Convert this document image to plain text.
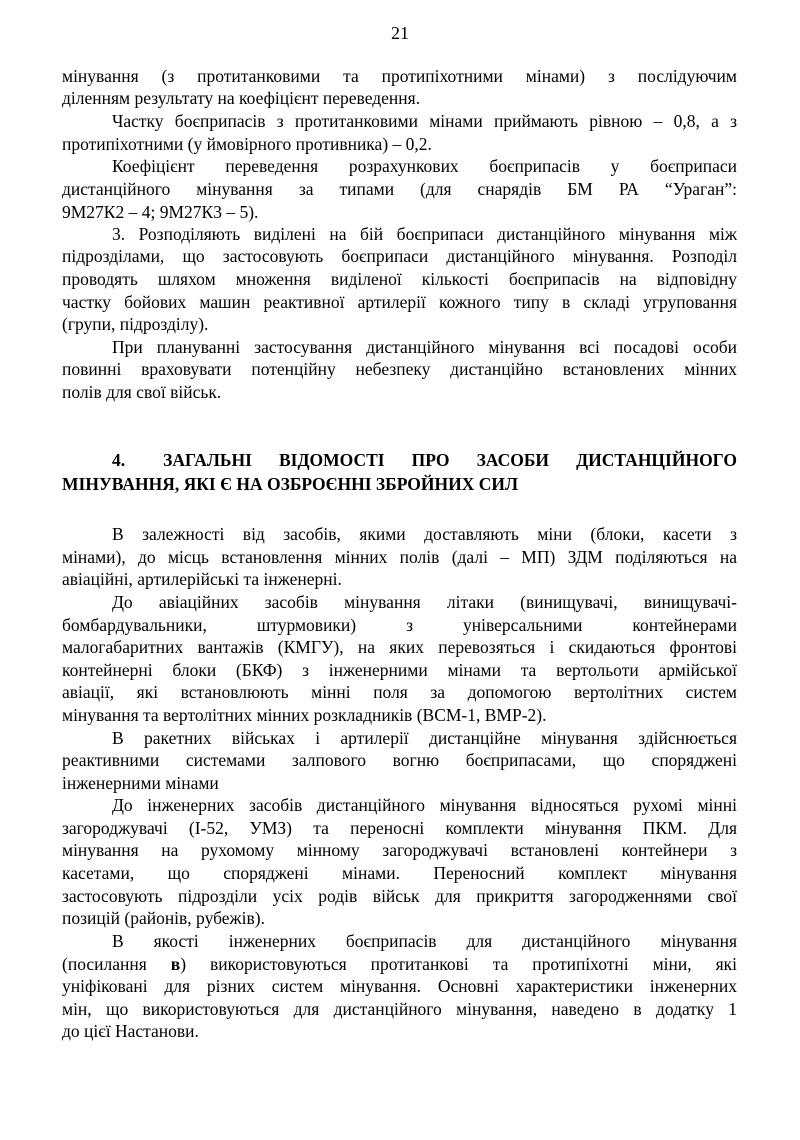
21
мінування (з протитанковими та протипіхотними мінами) з послідуючим
діленням результату на коефіцієнт переведення.
Частку боєприпасів з протитанковими мінами приймають рівною – 0,8, а з
протипіхотними (у ймовірного противника) – 0,2.
Коефіцієнт переведення розрахункових боєприпасів у боєприпаси
дистанційного мінування за типами (для снарядів БМ РА “Ураган”:
9М27К2 – 4; 9М27К3 – 5).
3. Розподіляють виділені на бій боєприпаси дистанційного мінування між
підрозділами, що застосовують боєприпаси дистанційного мінування. Розподіл
проводять шляхом множення виділеної кількості боєприпасів на відповідну
частку бойових машин реактивної артилерії кожного типу в складі угруповання
(групи, підрозділу).
При плануванні застосування дистанційного мінування всі посадові особи
повинні враховувати потенційну небезпеку дистанційно встановлених мінних
полів для свої військ.
4. ЗАГАЛЬНІ ВІДОМОСТІ ПРО ЗАСОБИ ДИСТАНЦІЙНОГО
МІНУВАННЯ, ЯКІ Є НА ОЗБРОЄННІ ЗБРОЙНИХ СИЛ
В залежності від засобів, якими доставляють міни (блоки, касети з
мінами), до місць встановлення мінних полів (далі – МП) ЗДМ поділяються на
авіаційні, артилерійські та інженерні.
До авіаційних засобів мінування літаки (винищувачі, винищувачі-
бомбардувальники, штурмовики) з універсальними контейнерами
малогабаритних вантажів (КМГУ), на яких перевозяться і скидаються фронтові
контейнерні блоки (БКФ) з інженерними мінами та вертольоти армійської
авіації, які встановлюють мінні поля за допомогою вертолітних систем
мінування та вертолітних мінних розкладників (ВСМ-1, ВМР-2).
В ракетних військах і артилерії дистанційне мінування здійснюється
реактивними системами залпового вогню боєприпасами, що споряджені
інженерними мінами
До інженерних засобів дистанційного мінування відносяться рухомі мінні
загороджувачі (І-52, УМЗ) та переносні комплекти мінування ПКМ. Для
мінування на рухомому мінному загороджувачі встановлені контейнери з
касетами, що споряджені мінами. Переносний комплект мінування
застосовують підрозділи усіх родів військ для прикриття загородженнями свої
позицій (районів, рубежів).
В якості інженерних боєприпасів для дистанційного мінування
(посилання в) використовуються протитанкові та протипіхотні міни, які
уніфіковані для різних систем мінування. Основні характеристики інженерних
мін, що використовуються для дистанційного мінування, наведено в додатку 1
до цієї Настанови.
